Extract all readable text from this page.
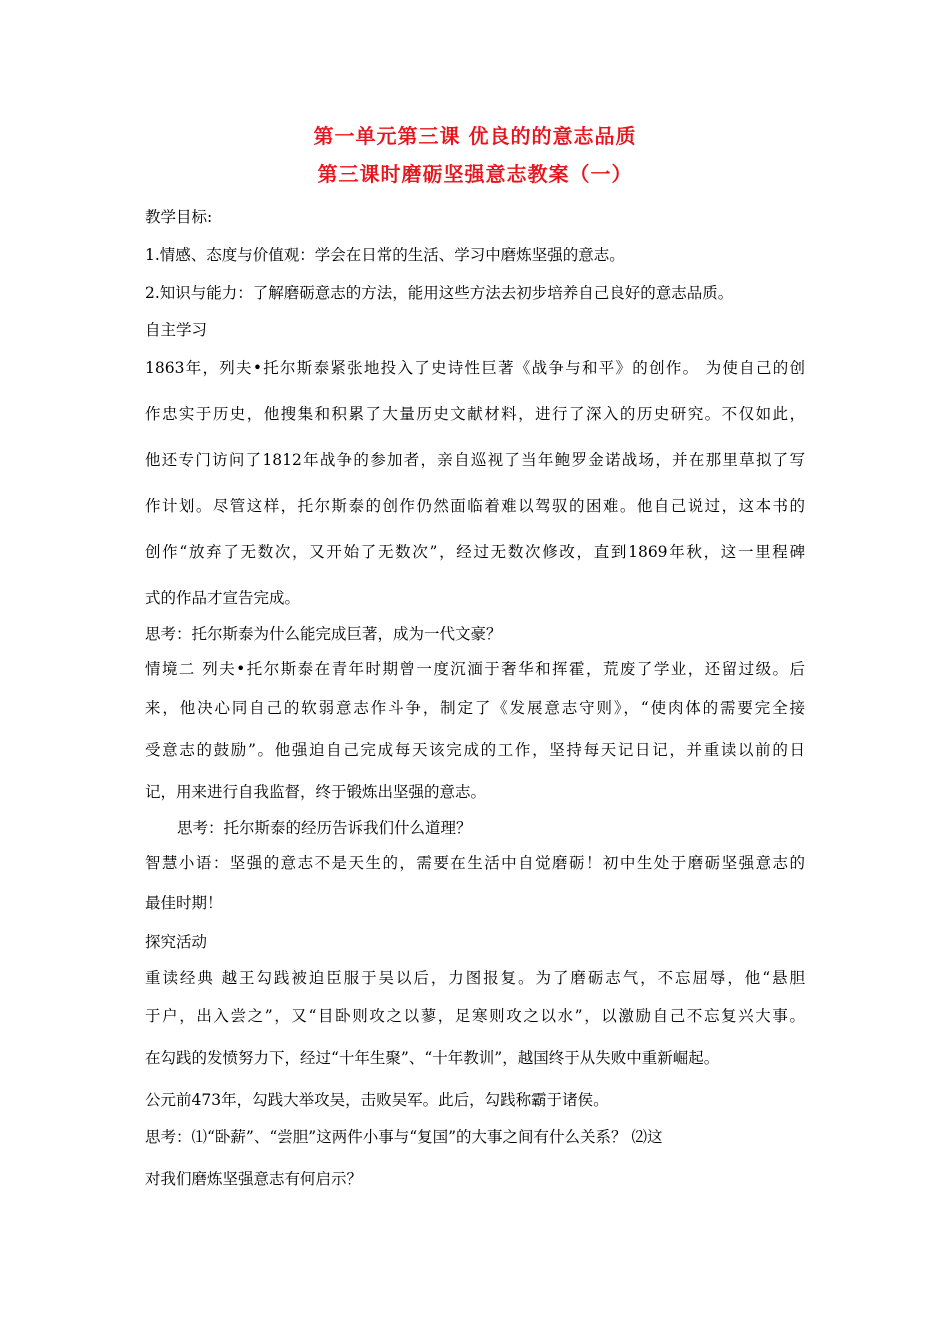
第一单元第三课 优良的的意志品质
第三课时磨砺坚强意志教案（一）
教学目标:
1.情感、态度与价值观：学会在日常的生活、学习中磨炼坚强的意志。
2.知识与能力：了解磨砺意志的方法，能用这些方法去初步培养自己良好的意志品质。
自主学习
1863年，列夫•托尔斯泰紧张地投入了史诗性巨著《战争与和平》的创作。 为使自己的创
作忠实于历史，他搜集和积累了大量历史文献材料，进行了深入的历史研究。不仅如此，
他还专门访问了1812年战争的参加者，亲自巡视了当年鲍罗金诺战场，并在那里草拟了写
作计划。尽管这样，托尔斯泰的创作仍然面临着难以驾驭的困难。他自己说过，这本书的
创作“放弃了无数次，又开始了无数次”，经过无数次修改，直到1869年秋，这一里程碑
式的作品才宣告完成。
思考：托尔斯泰为什么能完成巨著，成为一代文豪？
情境二 列夫•托尔斯泰在青年时期曾一度沉湎于奢华和挥霍，荒废了学业，还留过级。后
来，他决心同自己的软弱意志作斗争，制定了《发展意志守则》，“使肉体的需要完全接
受意志的鼓励”。他强迫自己完成每天该完成的工作，坚持每天记日记，并重读以前的日
记，用来进行自我监督，终于锻炼出坚强的意志。
思考：托尔斯泰的经历告诉我们什么道理？
智慧小语：坚强的意志不是天生的，需要在生活中自觉磨砺！初中生处于磨砺坚强意志的
最佳时期！
探究活动
重读经典 越王勾践被迫臣服于吴以后，力图报复。为了磨砺志气，不忘屈辱，他“悬胆
于户，出入尝之”，又“目卧则攻之以蓼，足寒则攻之以水”，以激励自己不忘复兴大事。
在勾践的发愤努力下，经过“十年生聚”、“十年教训”，越国终于从失败中重新崛起。
公元前473年，勾践大举攻吴，击败吴军。此后，勾践称霸于诸侯。
思考：⑴“卧薪”、“尝胆”这两件小事与“复国”的大事之间有什么关系？ ⑵这
对我们磨炼坚强意志有何启示？
